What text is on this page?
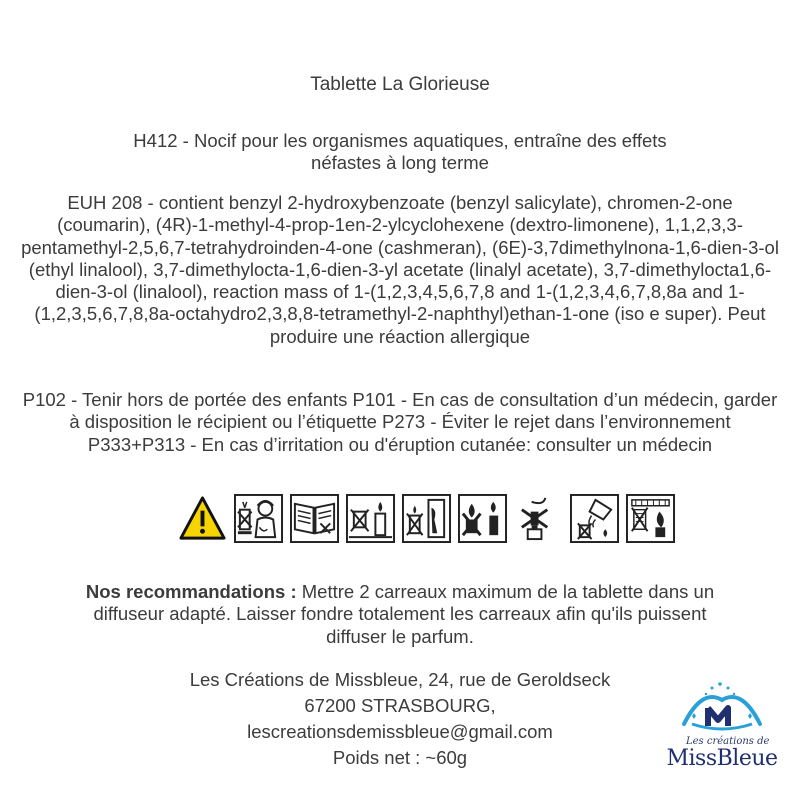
Tablette La Glorieuse

H412 - Nocif pour les organismes aquatiques, entraîne des effets néfastes à long terme

EUH 208 - contient benzyl 2-hydroxybenzoate (benzyl salicylate), chromen-2-one (coumarin), (4R)-1-methyl-4-prop-1en-2-ylcyclohexene (dextro-limonene), 1,1,2,3,3-pentamethyl-2,5,6,7-tetrahydroinden-4-one (cashmeran), (6E)-3,7dimethylnona-1,6-dien-3-ol (ethyl linalool), 3,7-dimethylocta-1,6-dien-3-yl acetate (linalyl acetate), 3,7-dimethylocta1,6-dien-3-ol (linalool), reaction mass of 1-(1,2,3,4,5,6,7,8 and 1-(1,2,3,4,6,7,8,8a and 1-(1,2,3,5,6,7,8,8a-octahydro2,3,8,8-tetramethyl-2-naphthyl)ethan-1-one (iso e super). Peut produire une réaction allergique

P102 - Tenir hors de portée des enfants P101 - En cas de consultation d’un médecin, garder à disposition le récipient ou l’étiquette P273 - Éviter le rejet dans l’environnement P333+P313 - En cas d’irritation ou d'éruption cutanée: consulter un médecin

Nos recommandations : Mettre 2 carreaux maximum de la tablette dans un diffuseur adapté. Laisser fondre totalement les carreaux afin qu'ils puissent diffuser le parfum.

Les Créations de Missbleue, 24, rue de Geroldseck
67200 STRASBOURG,
lescreationsdemissbleue@gmail.com
Poids net : ~60g
Les créations de
MissBleue
